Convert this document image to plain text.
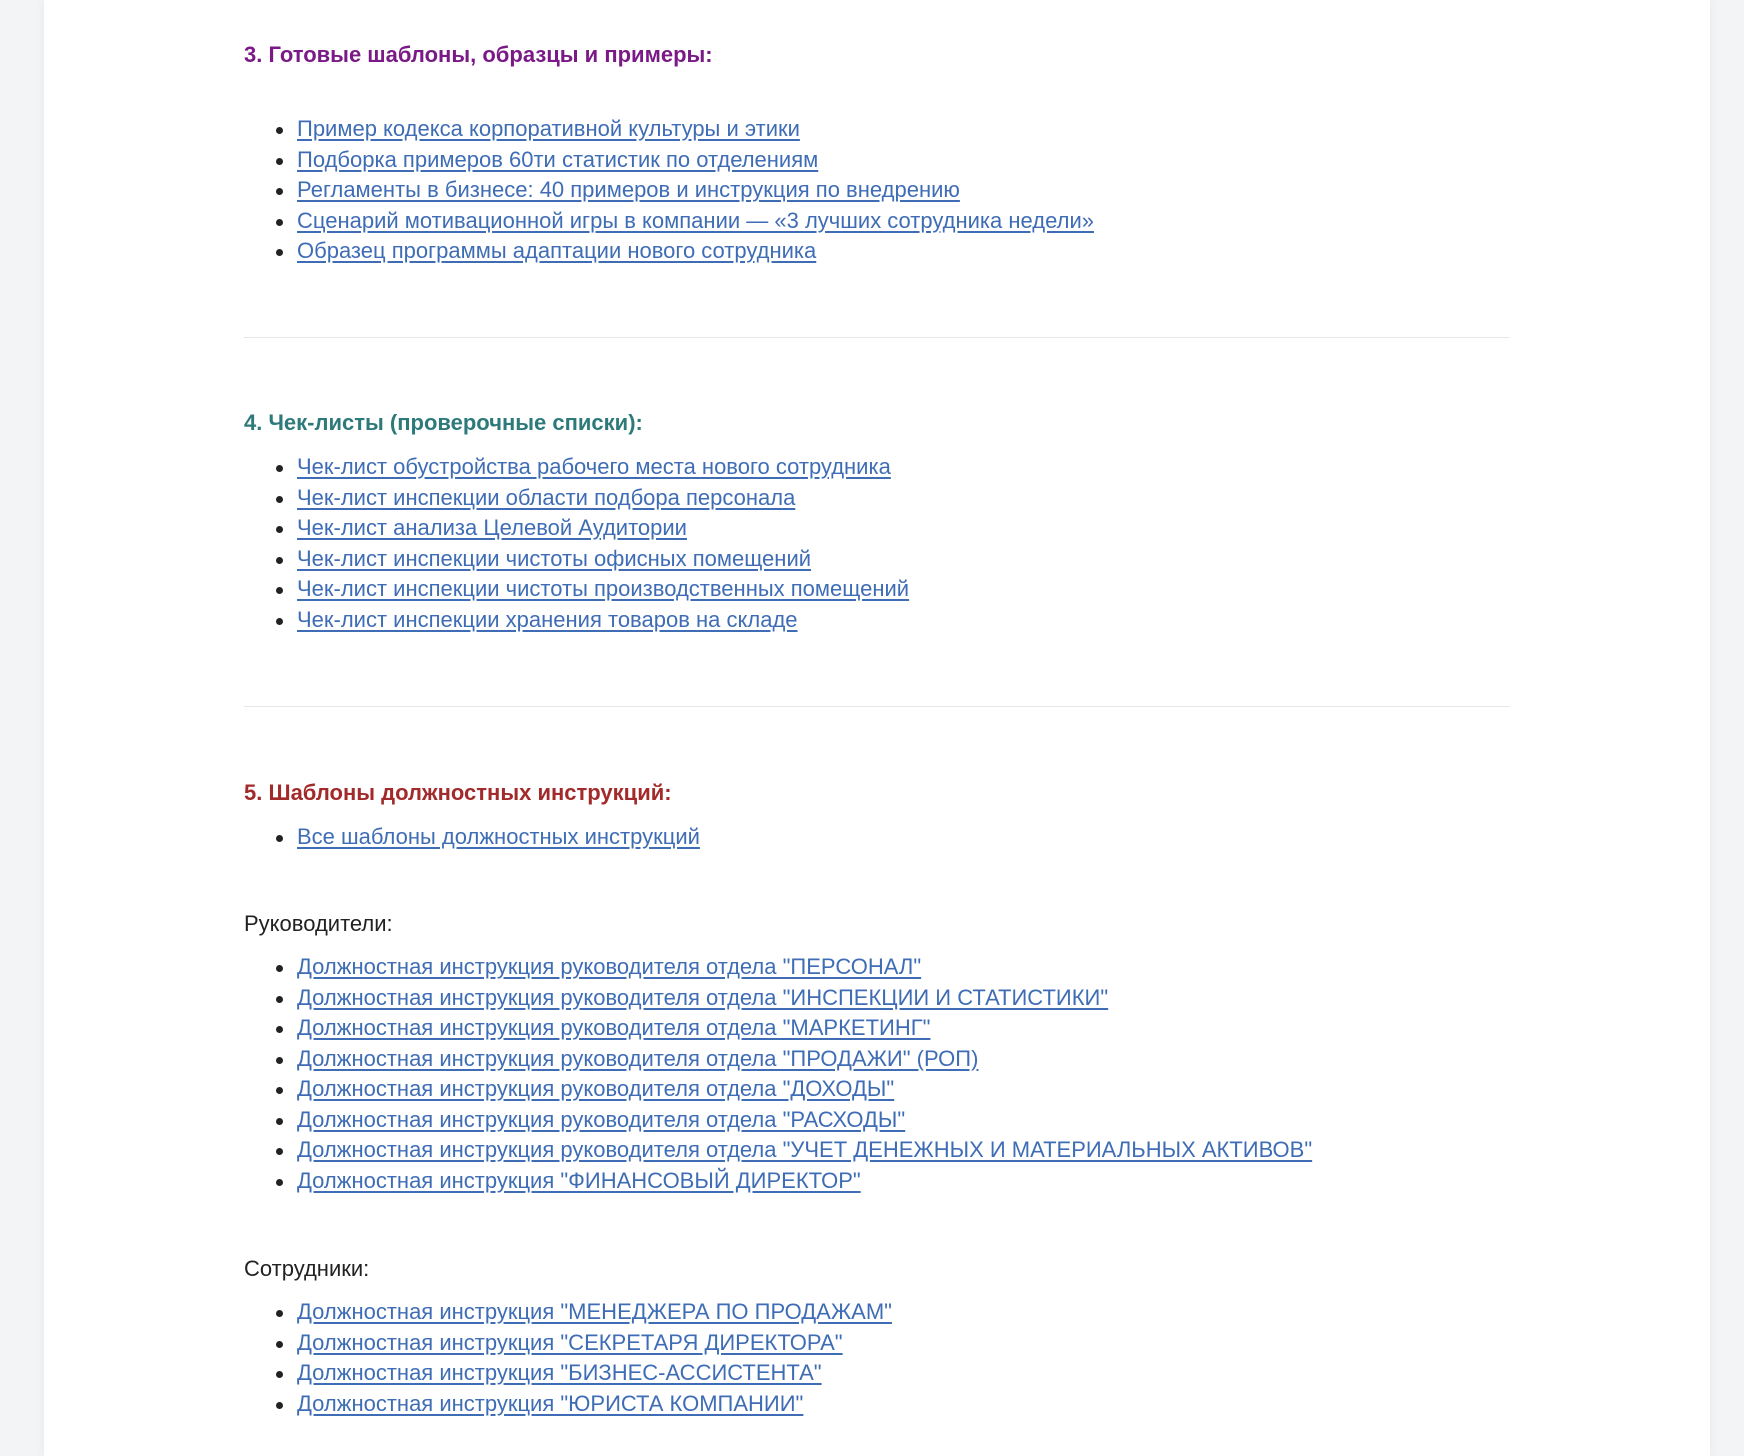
3. Готовые шаблоны, образцы и примеры:
Пример кодекса корпоративной культуры и этики
Подборка примеров 60ти статистик по отделениям
Регламенты в бизнесе: 40 примеров и инструкция по внедрению
Сценарий мотивационной игры в компании — «3 лучших сотрудника недели»
Образец программы адаптации нового сотрудника
4. Чек-листы (проверочные списки):
Чек-лист обустройства рабочего места нового сотрудника
Чек-лист инспекции области подбора персонала
Чек-лист анализа Целевой Аудитории
Чек-лист инспекции чистоты офисных помещений
Чек-лист инспекции чистоты производственных помещений
Чек-лист инспекции хранения товаров на складе
5. Шаблоны должностных инструкций:
Все шаблоны должностных инструкций

Руководители:

Должностная инструкция руководителя отдела "ПЕРСОНАЛ"
Должностная инструкция руководителя отдела "ИНСПЕКЦИИ И СТАТИСТИКИ"
Должностная инструкция руководителя отдела "МАРКЕТИНГ"
Должностная инструкция руководителя отдела "ПРОДАЖИ" (РОП)
Должностная инструкция руководителя отдела "ДОХОДЫ"
Должностная инструкция руководителя отдела "РАСХОДЫ"
Должностная инструкция руководителя отдела "УЧЕТ ДЕНЕЖНЫХ И МАТЕРИАЛЬНЫХ АКТИВОВ"
Должностная инструкция "ФИНАНСОВЫЙ ДИРЕКТОР"

Сотрудники:

Должностная инструкция "МЕНЕДЖЕРА ПО ПРОДАЖАМ"
Должностная инструкция "СЕКРЕТАРЯ ДИРЕКТОРА"
Должностная инструкция "БИЗНЕС-АССИСТЕНТА"
Должностная инструкция "ЮРИСТА КОМПАНИИ"
